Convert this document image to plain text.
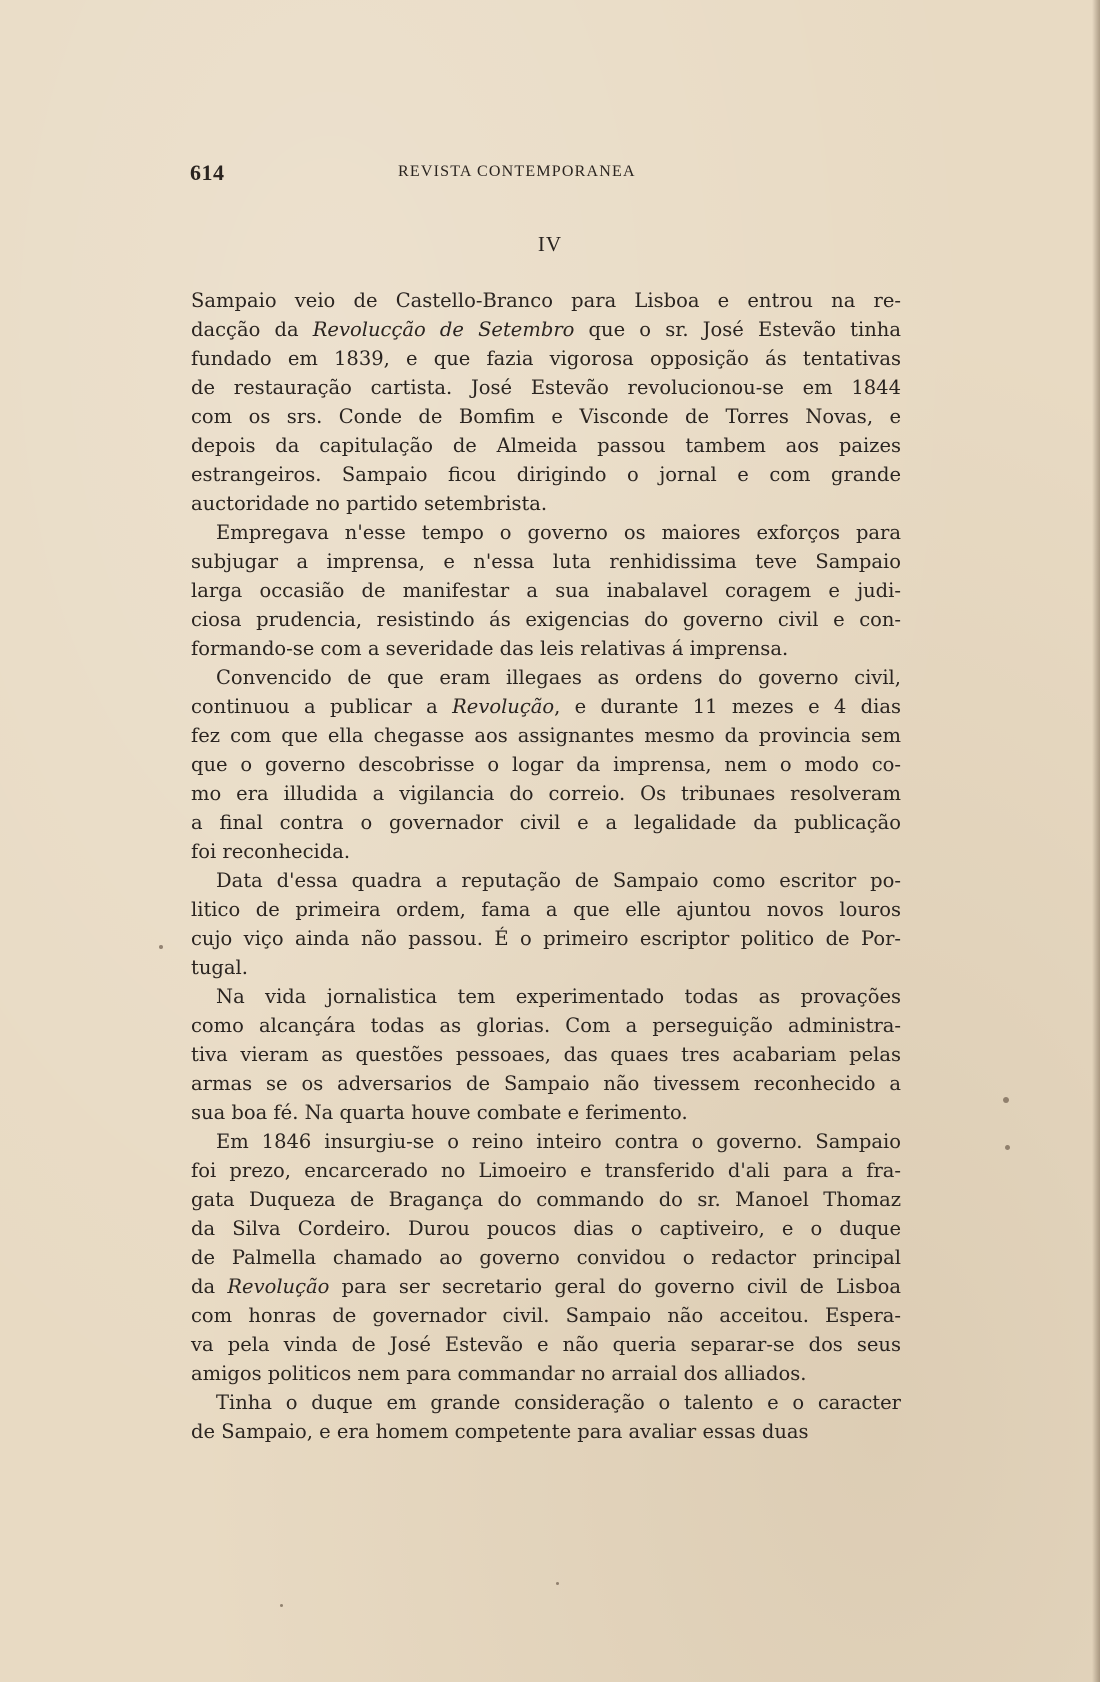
614	REVISTA CONTEMPORANEA
IV
Sampaio veio de Castello-Branco para Lisboa e entrou na re-
dacção da Revolucção de Setembro que o sr. José Estevão tinha
fundado em 1839, e que fazia vigorosa opposição ás tentativas
de restauração cartista. José Estevão revolucionou-se em 1844
com os srs. Conde de Bomfim e Visconde de Torres Novas, e
depois da capitulação de Almeida passou tambem aos paizes
estrangeiros. Sampaio ficou dirigindo o jornal e com grande
auctoridade no partido setembrista.
Empregava n'esse tempo o governo os maiores exforços para
subjugar a imprensa, e n'essa luta renhidissima teve Sampaio
larga occasião de manifestar a sua inabalavel coragem e judi-
ciosa prudencia, resistindo ás exigencias do governo civil e con-
formando-se com a severidade das leis relativas á imprensa.
Convencido de que eram illegaes as ordens do governo civil,
continuou a publicar a Revolução, e durante 11 mezes e 4 dias
fez com que ella chegasse aos assignantes mesmo da provincia sem
que o governo descobrisse o logar da imprensa, nem o modo co-
mo era illudida a vigilancia do correio. Os tribunaes resolveram
a final contra o governador civil e a legalidade da publicação
foi reconhecida.
Data d'essa quadra a reputação de Sampaio como escritor po-
litico de primeira ordem, fama a que elle ajuntou novos louros
cujo viço ainda não passou. É o primeiro escriptor politico de Por-
tugal.
Na vida jornalistica tem experimentado todas as provações
como alcançára todas as glorias. Com a perseguição administra-
tiva vieram as questões pessoaes, das quaes tres acabariam pelas
armas se os adversarios de Sampaio não tivessem reconhecido a
sua boa fé. Na quarta houve combate e ferimento.
Em 1846 insurgiu-se o reino inteiro contra o governo. Sampaio
foi prezo, encarcerado no Limoeiro e transferido d'ali para a fra-
gata Duqueza de Bragança do commando do sr. Manoel Thomaz
da Silva Cordeiro. Durou poucos dias o captiveiro, e o duque
de Palmella chamado ao governo convidou o redactor principal
da Revolução para ser secretario geral do governo civil de Lisboa
com honras de governador civil. Sampaio não acceitou. Espera-
va pela vinda de José Estevão e não queria separar-se dos seus
amigos politicos nem para commandar no arraial dos alliados.
Tinha o duque em grande consideração o talento e o caracter
de Sampaio, e era homem competente para avaliar essas duas
